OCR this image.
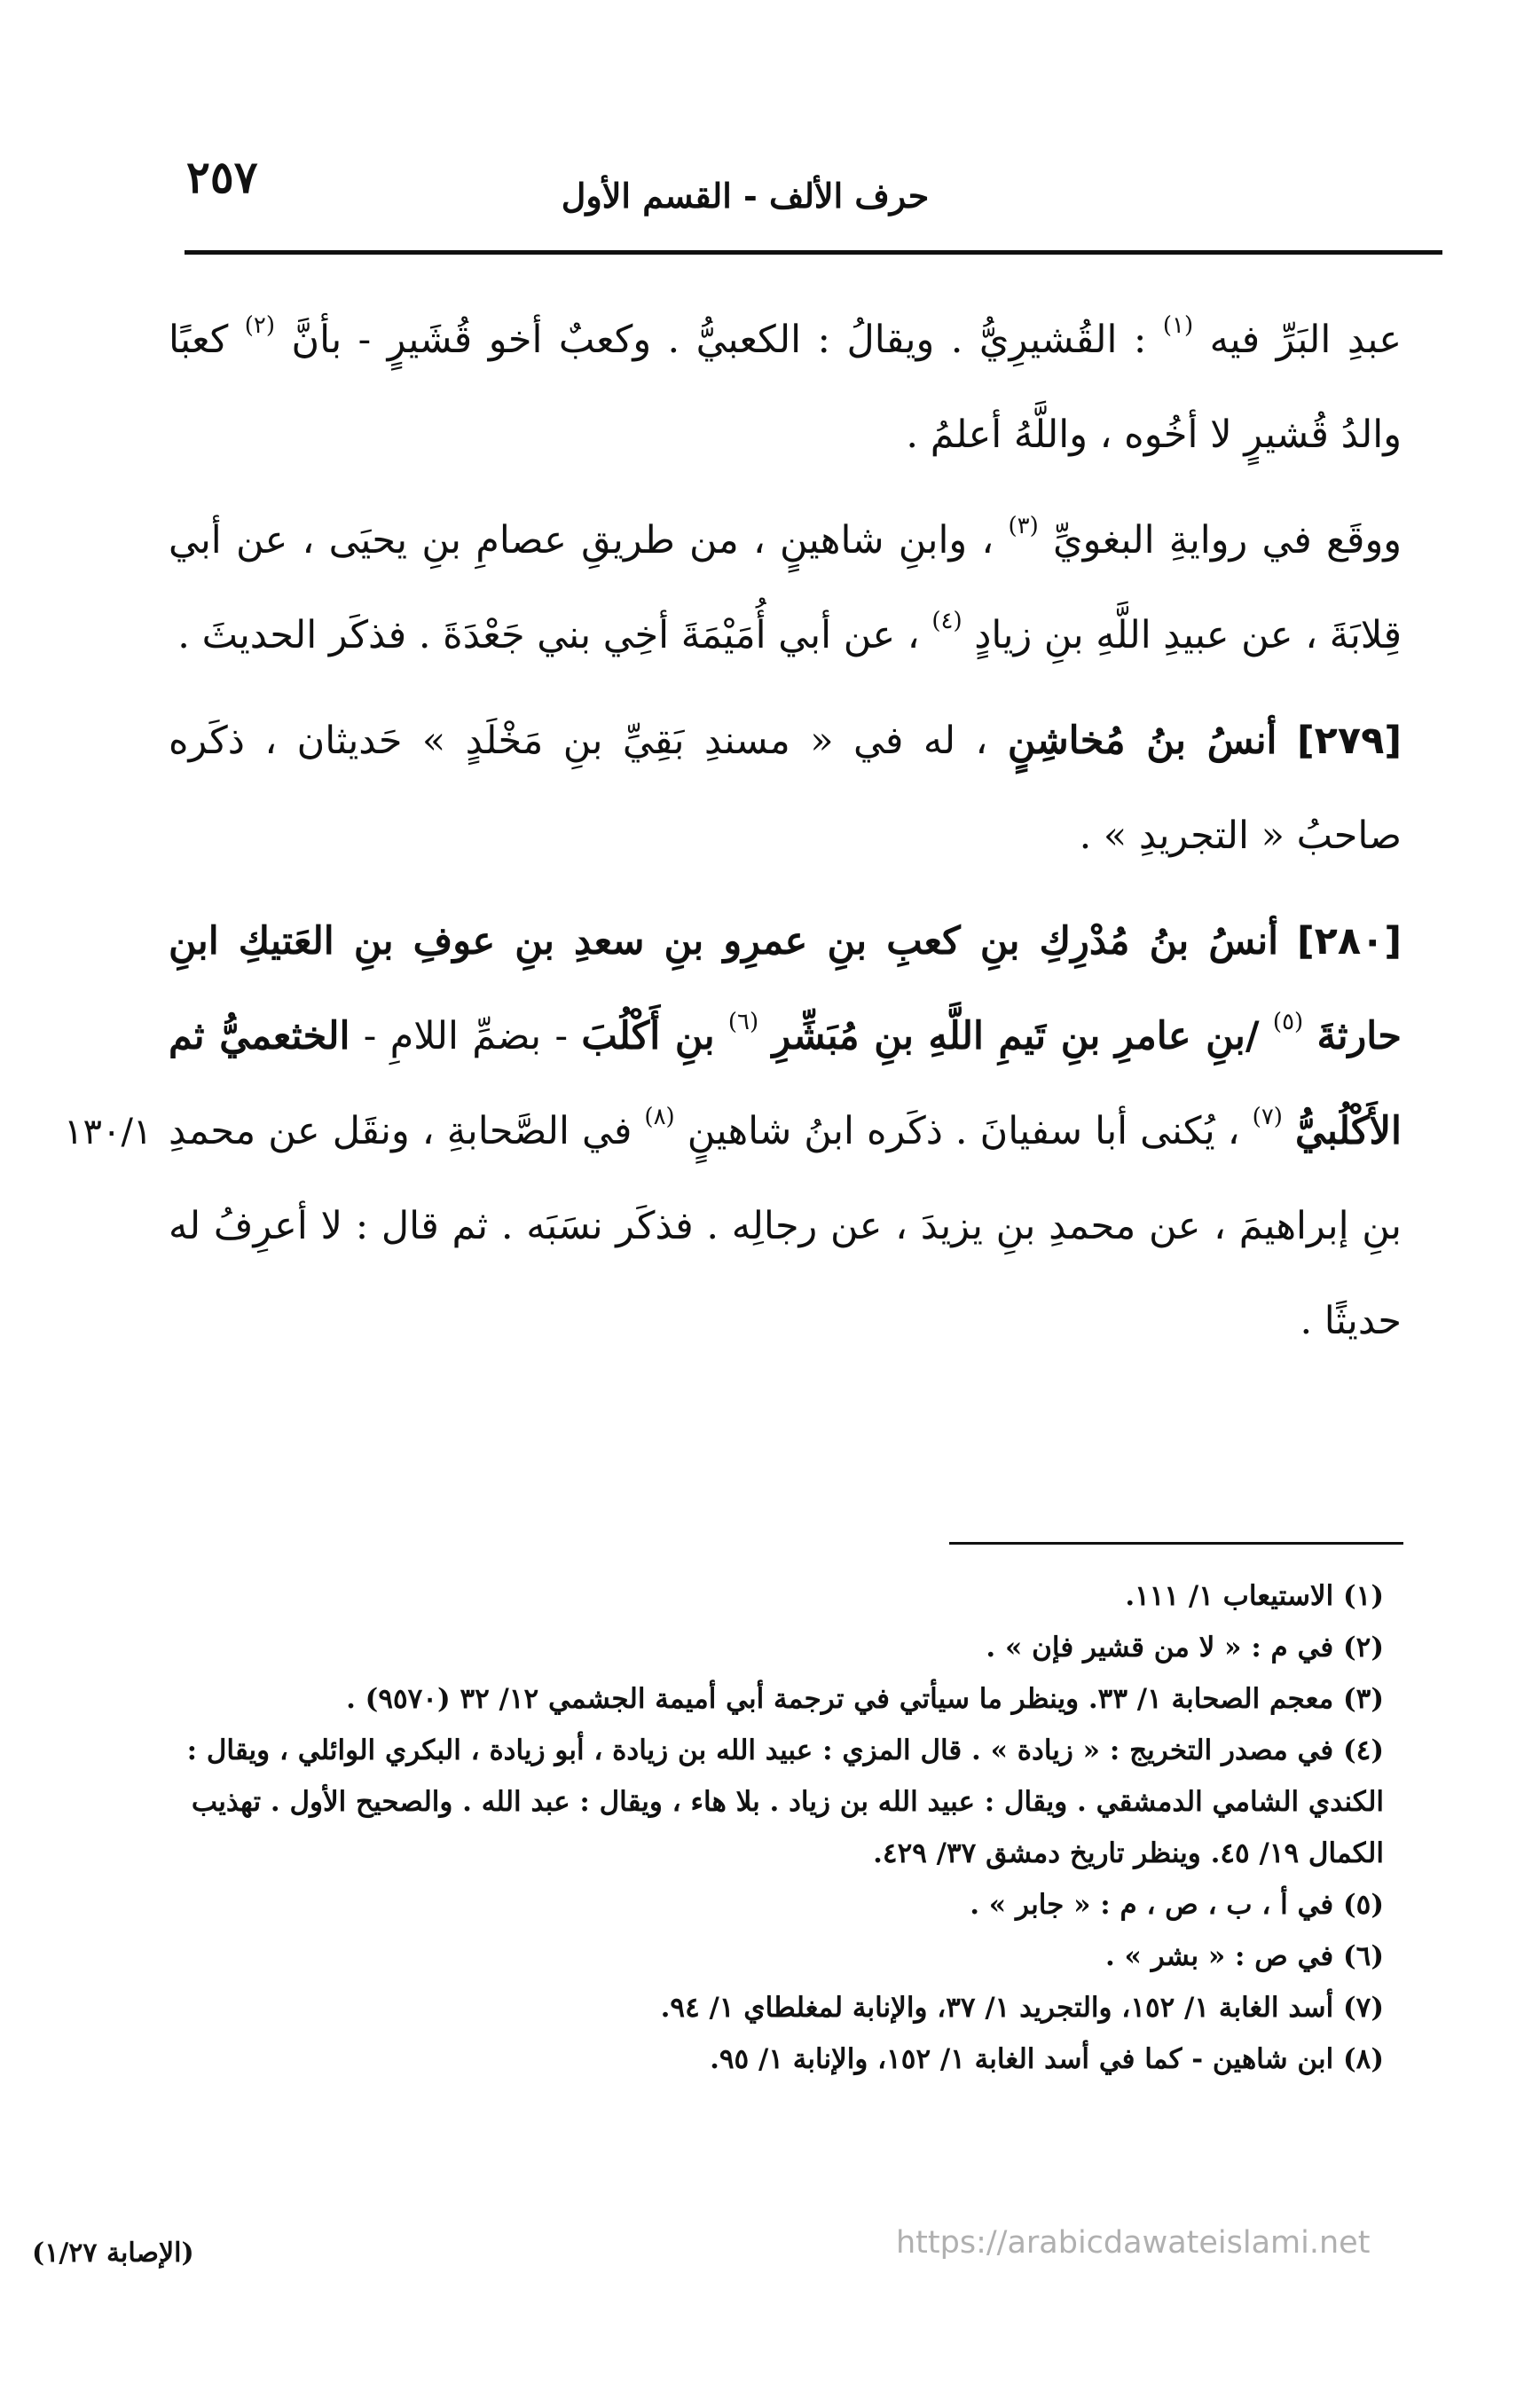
٢٥٧	حرف الألف - القسم الأول

عبدِ البَرِّ فيه $^{(١)}$ : القُشيرِيُّ . ويقالُ : الكعبيُّ . وكعبٌ أخو قُشَيرٍ - بأنَّ $^{(٢)}$ كعبًا والدُ قُشيرٍ لا أخُوه ، واللَّهُ أعلمُ .

ووقَع في روايةِ البغويِّ $^{(٣)}$ ، وابنِ شاهينٍ ، من طريقِ عصامِ بنِ يحيَى ، عن أبي قِلابَةَ ، عن عبيدِ اللَّهِ بنِ زيادٍ $^{(٤)}$ ، عن أبي أُمَيْمَةَ أخِي بني جَعْدَةَ . فذكَر الحديثَ .

[٢٧٩] أنسُ بنُ مُخاشِنٍ ، له في « مسندِ بَقِيِّ بنِ مَخْلَدٍ » حَديثان ، ذكَره صاحبُ « التجريدِ » .

[٢٨٠] أنسُ بنُ مُدْرِكِ بنِ كعبِ بنِ عمرِو بنِ سعدِ بنِ عوفِ بنِ العَتيكِ ابنِ حارثةَ $^{(٥)}$ /بنِ عامرِ بنِ تَيمِ اللَّهِ بنِ مُبَشِّرِ $^{(٦)}$ بنِ أَكْلُبَ - بضمِّ اللامِ - الخثعميُّ ثم الأَكْلُبيُّ $^{(٧)}$ ، يُكنى أبا سفيانَ . ذكَره ابنُ شاهينٍ $^{(٨)}$ في الصَّحابةِ ، ونقَل عن محمدِ بنِ إبراهيمَ ، عن محمدِ بنِ يزيدَ ، عن رجالِه . فذكَر نسَبَه . ثم قال : لا أعرِفُ له حديثًا .

١٣٠/١

(١) الاستيعاب ١/ ١١١.

(٢) في م : « لا من قشير فإن » .

(٣) معجم الصحابة ١/ ٣٣. وينظر ما سيأتي في ترجمة أبي أميمة الجشمي ١٢/ ٣٢ (٩٥٧٠) .

(٤) في مصدر التخريج : « زيادة » . قال المزي : عبيد الله بن زيادة ، أبو زيادة ، البكري الوائلي ، ويقال : الكندي الشامي الدمشقي . ويقال : عبيد الله بن زياد . بلا هاء ، ويقال : عبد الله . والصحيح الأول . تهذيب الكمال ١٩/ ٤٥. وينظر تاريخ دمشق ٣٧/ ٤٢٩.

(٥) في أ ، ب ، ص ، م : « جابر » .

(٦) في ص : « بشر » .

(٧) أسد الغابة ١/ ١٥٢، والتجريد ١/ ٣٧، والإنابة لمغلطاي ١/ ٩٤.

(٨) ابن شاهين - كما في أسد الغابة ١/ ١٥٢، والإنابة ١/ ٩٥.

(الإصابة ١/٢٧)	https://arabicdawateislami.net
